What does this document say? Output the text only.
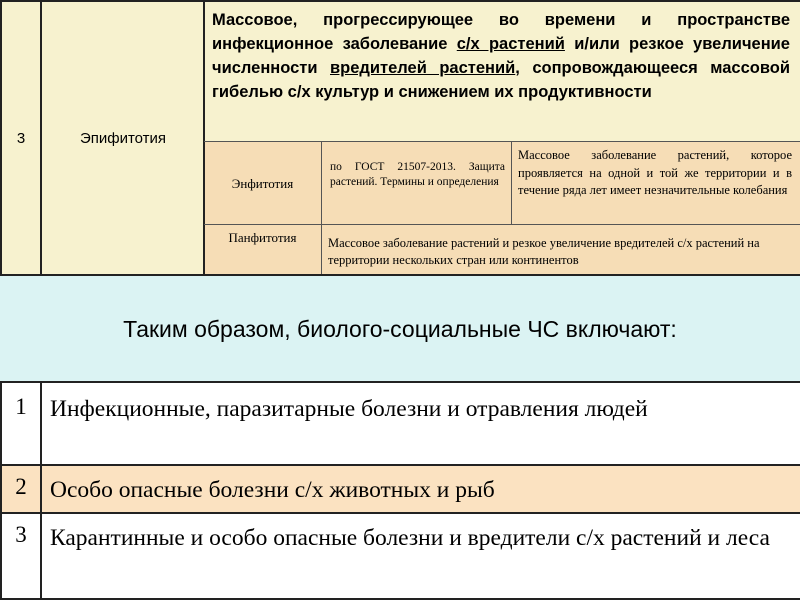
3	Эпифитотия
Массовое, прогрессирующее во времени и пространстве инфекционное заболевание с/х растений и/или резкое увеличение численности вредителей растений, сопровождающееся массовой гибелью с/х культур и снижением их продуктивности
Энфитотия
по ГОСТ 21507-2013. Защита растений. Термины и определения
Массовое заболевание растений, которое проявляется на одной и той же территории и в течение ряда лет имеет незначительные колебания
Панфитотия	Массовое заболевание растений и резкое увеличение вредителей с/х растений на территории нескольких стран или континентов
Таким образом, биолого-социальные ЧС включают:
1 Инфекционные, паразитарные болезни и отравления людей
2 Особо опасные болезни с/х животных и рыб
3 Карантинные и особо опасные болезни и вредители с/х растений и леса
